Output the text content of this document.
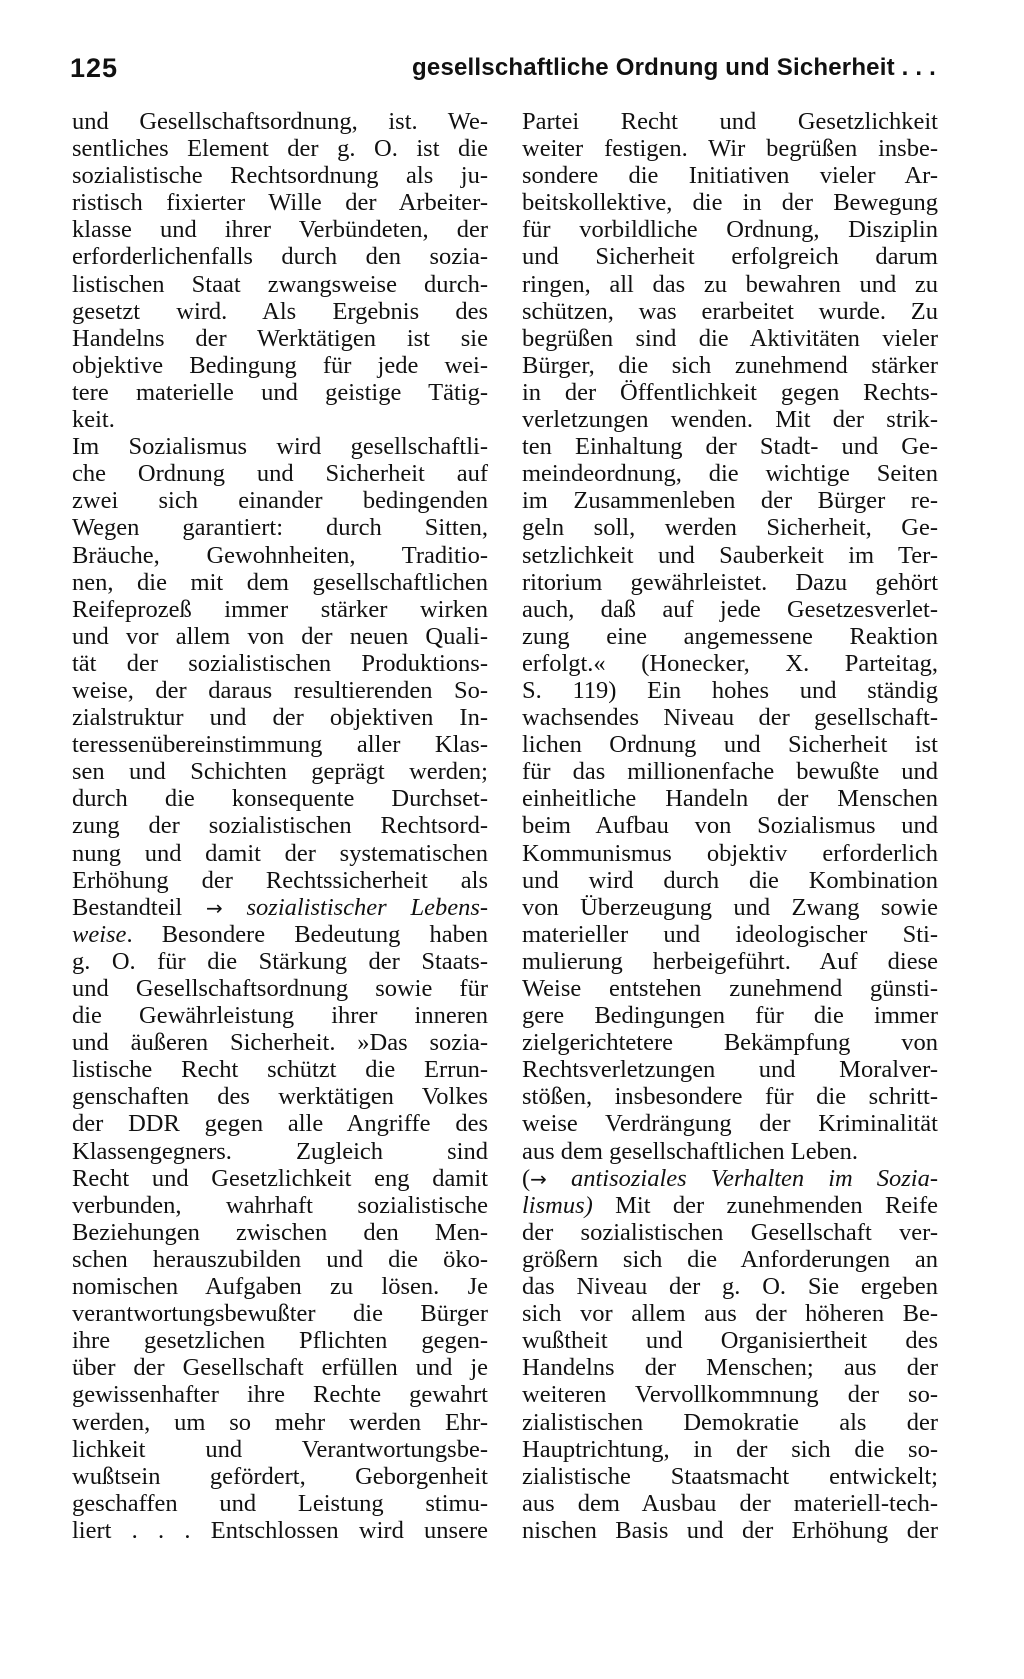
125	gesellschaftliche Ordnung und Sicherheit . . .
und Gesellschaftsordnung, ist. We-
sentliches Element der g. O. ist die
sozialistische Rechtsordnung als ju-
ristisch fixierter Wille der Arbeiter-
klasse und ihrer Verbündeten, der
erforderlichenfalls durch den sozia-
listischen Staat zwangsweise durch-
gesetzt wird. Als Ergebnis des
Handelns der Werktätigen ist sie
objektive Bedingung für jede wei-
tere materielle und geistige Tätig-
keit.
Im Sozialismus wird gesellschaftli-
che Ordnung und Sicherheit auf
zwei sich einander bedingenden
Wegen garantiert: durch Sitten,
Bräuche, Gewohnheiten, Traditio-
nen, die mit dem gesellschaftlichen
Reifeprozeß immer stärker wirken
und vor allem von der neuen Quali-
tät der sozialistischen Produktions-
weise, der daraus resultierenden So-
zialstruktur und der objektiven In-
teressenübereinstimmung aller Klas-
sen und Schichten geprägt werden;
durch die konsequente Durchset-
zung der sozialistischen Rechtsord-
nung und damit der systematischen
Erhöhung der Rechtssicherheit als
Bestandteil → sozialistischer Lebens-
weise. Besondere Bedeutung haben
g. O. für die Stärkung der Staats-
und Gesellschaftsordnung sowie für
die Gewährleistung ihrer inneren
und äußeren Sicherheit. »Das sozia-
listische Recht schützt die Errun-
genschaften des werktätigen Volkes
der DDR gegen alle Angriffe des
Klassengegners. Zugleich sind
Recht und Gesetzlichkeit eng damit
verbunden, wahrhaft sozialistische
Beziehungen zwischen den Men-
schen herauszubilden und die öko-
nomischen Aufgaben zu lösen. Je
verantwortungsbewußter die Bürger
ihre gesetzlichen Pflichten gegen-
über der Gesellschaft erfüllen und je
gewissenhafter ihre Rechte gewahrt
werden, um so mehr werden Ehr-
lichkeit und Verantwortungsbe-
wußtsein gefördert, Geborgenheit
geschaffen und Leistung stimu-
liert . . . Entschlossen wird unsere
Partei Recht und Gesetzlichkeit
weiter festigen. Wir begrüßen insbe-
sondere die Initiativen vieler Ar-
beitskollektive, die in der Bewegung
für vorbildliche Ordnung, Disziplin
und Sicherheit erfolgreich darum
ringen, all das zu bewahren und zu
schützen, was erarbeitet wurde. Zu
begrüßen sind die Aktivitäten vieler
Bürger, die sich zunehmend stärker
in der Öffentlichkeit gegen Rechts-
verletzungen wenden. Mit der strik-
ten Einhaltung der Stadt- und Ge-
meindeordnung, die wichtige Seiten
im Zusammenleben der Bürger re-
geln soll, werden Sicherheit, Ge-
setzlichkeit und Sauberkeit im Ter-
ritorium gewährleistet. Dazu gehört
auch, daß auf jede Gesetzesverlet-
zung eine angemessene Reaktion
erfolgt.« (Honecker, X. Parteitag,
S. 119) Ein hohes und ständig
wachsendes Niveau der gesellschaft-
lichen Ordnung und Sicherheit ist
für das millionenfache bewußte und
einheitliche Handeln der Menschen
beim Aufbau von Sozialismus und
Kommunismus objektiv erforderlich
und wird durch die Kombination
von Überzeugung und Zwang sowie
materieller und ideologischer Sti-
mulierung herbeigeführt. Auf diese
Weise entstehen zunehmend günsti-
gere Bedingungen für die immer
zielgerichtetere Bekämpfung von
Rechtsverletzungen und Moralver-
stößen, insbesondere für die schritt-
weise Verdrängung der Kriminalität
aus dem gesellschaftlichen Leben.
(→ antisoziales Verhalten im Sozia-
lismus) Mit der zunehmenden Reife
der sozialistischen Gesellschaft ver-
größern sich die Anforderungen an
das Niveau der g. O. Sie ergeben
sich vor allem aus der höheren Be-
wußtheit und Organisiertheit des
Handelns der Menschen; aus der
weiteren Vervollkommnung der so-
zialistischen Demokratie als der
Hauptrichtung, in der sich die so-
zialistische Staatsmacht entwickelt;
aus dem Ausbau der materiell-tech-
nischen Basis und der Erhöhung der
